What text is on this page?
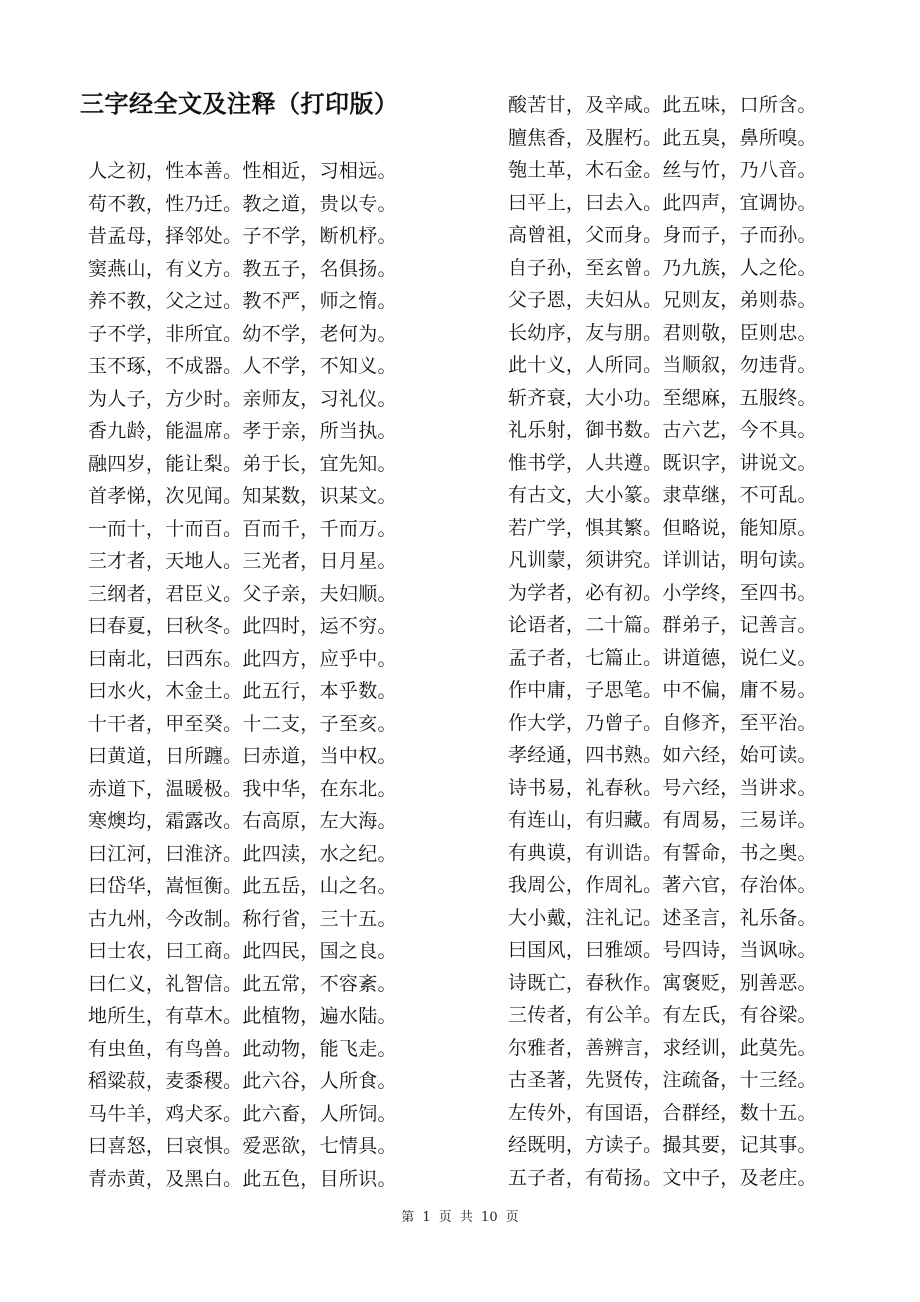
三字经全文及注释（打印版）
人之初，性本善。性相近，习相远。
苟不教，性乃迁。教之道，贵以专。
昔孟母，择邻处。子不学，断机杼。
窦燕山，有义方。教五子，名俱扬。
养不教，父之过。教不严，师之惰。
子不学，非所宜。幼不学，老何为。
玉不琢，不成器。人不学，不知义。
为人子，方少时。亲师友，习礼仪。
香九龄，能温席。孝于亲，所当执。
融四岁，能让梨。弟于长，宜先知。
首孝悌，次见闻。知某数，识某文。
一而十，十而百。百而千，千而万。
三才者，天地人。三光者，日月星。
三纲者，君臣义。父子亲，夫妇顺。
曰春夏，曰秋冬。此四时，运不穷。
曰南北，曰西东。此四方，应乎中。
曰水火，木金土。此五行，本乎数。
十干者，甲至癸。十二支，子至亥。
曰黄道，日所躔。曰赤道，当中权。
赤道下，温暖极。我中华，在东北。
寒燠均，霜露改。右高原，左大海。
曰江河，曰淮济。此四渎，水之纪。
曰岱华，嵩恒衡。此五岳，山之名。
古九州，今改制。称行省，三十五。
曰士农，曰工商。此四民，国之良。
曰仁义，礼智信。此五常，不容紊。
地所生，有草木。此植物，遍水陆。
有虫鱼，有鸟兽。此动物，能飞走。
稻粱菽，麦黍稷。此六谷，人所食。
马牛羊，鸡犬豕。此六畜，人所饲。
曰喜怒，曰哀惧。爱恶欲，七情具。
青赤黄，及黑白。此五色，目所识。
酸苦甘，及辛咸。此五味，口所含。
膻焦香，及腥朽。此五臭，鼻所嗅。
匏土革，木石金。丝与竹，乃八音。
曰平上，曰去入。此四声，宜调协。
高曾祖，父而身。身而子，子而孙。
自子孙，至玄曾。乃九族，人之伦。
父子恩，夫妇从。兄则友，弟则恭。
长幼序，友与朋。君则敬，臣则忠。
此十义，人所同。当顺叙，勿违背。
斩齐衰，大小功。至缌麻，五服终。
礼乐射，御书数。古六艺，今不具。
惟书学，人共遵。既识字，讲说文。
有古文，大小篆。隶草继，不可乱。
若广学，惧其繁。但略说，能知原。
凡训蒙，须讲究。详训诂，明句读。
为学者，必有初。小学终，至四书。
论语者，二十篇。群弟子，记善言。
孟子者，七篇止。讲道德，说仁义。
作中庸，子思笔。中不偏，庸不易。
作大学，乃曾子。自修齐，至平治。
孝经通，四书熟。如六经，始可读。
诗书易，礼春秋。号六经，当讲求。
有连山，有归藏。有周易，三易详。
有典谟，有训诰。有誓命，书之奥。
我周公，作周礼。著六官，存治体。
大小戴，注礼记。述圣言，礼乐备。
曰国风，曰雅颂。号四诗，当讽咏。
诗既亡，春秋作。寓褒贬，别善恶。
三传者，有公羊。有左氏，有谷梁。
尔雅者，善辨言，求经训，此莫先。
古圣著，先贤传，注疏备，十三经。
左传外，有国语，合群经，数十五。
经既明，方读子。撮其要，记其事。
五子者，有荀扬。文中子，及老庄。
第 1 页 共 10 页
